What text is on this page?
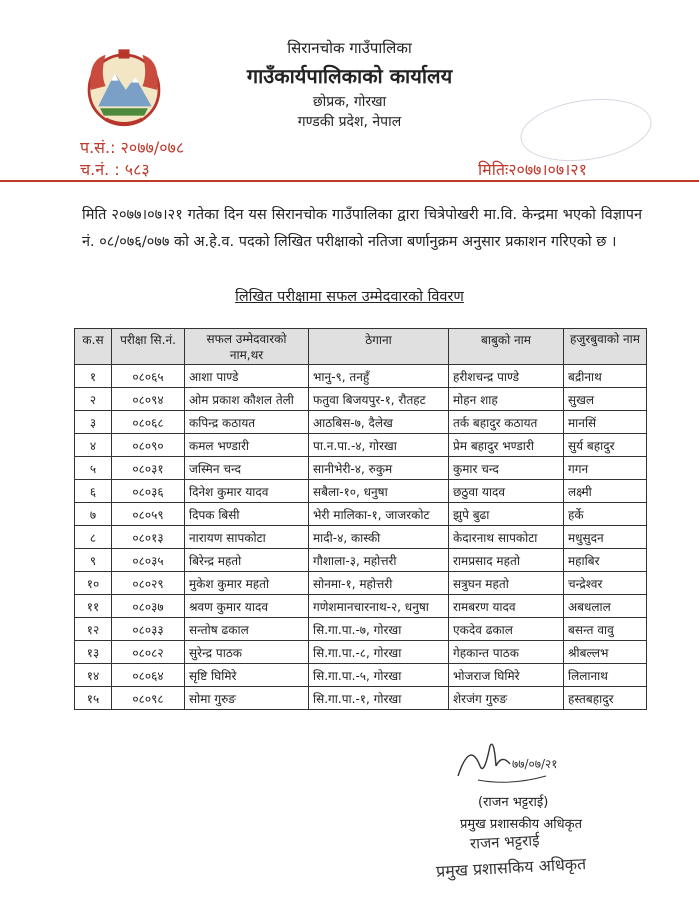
सिरानचोक गाउँपालिका
गाउँकार्यपालिकाको कार्यालय
छोप्रक, गोरखा
गण्डकी प्रदेश, नेपाल
प.सं.: २०७७/०७८
च.नं. : ५८३	मितिः२०७७।०७।२१
मिति २०७७।०७।२१ गतेका दिन यस सिरानचोक गाउँपालिका द्वारा चित्रेपोखरी मा.वि. केन्द्रमा भएको विज्ञापन नं. ०८/०७६/०७७ को अ.हे.व. पदको लिखित परीक्षाको नतिजा बर्णानुक्रम अनुसार प्रकाशन गरिएको छ ।
लिखित परीक्षामा सफल उम्मेदवारको विवरण
क.स	परीक्षा सि.नं.	सफल उम्मेदवारको नाम,थर	ठेगाना	बाबुको नाम	हजुरबुवाको नाम
१	०८०६५	आशा पाण्डे	भानु-९, तनहुँ	हरीशचन्द्र पाण्डे	बद्रीनाथ
२	०८०९४	ओम प्रकाश कौशल तेली	फतुवा बिजयपुर-१, रौतहट	मोहन शाह	सुखल
३	०८०६८	कपिन्द्र कठायत	आठबिस-७, दैलेख	तर्क बहादुर कठायत	मानसिं
४	०८०९०	कमल भण्डारी	पा.न.पा.-४, गोरखा	प्रेम बहादुर भण्डारी	सुर्य बहादुर
५	०८०३१	जस्मिन चन्द	सानीभेरी-४, रुकुम	कुमार चन्द	गगन
६	०८०३६	दिनेश कुमार यादव	सबैला-१०, धनुषा	छठुवा यादव	लक्ष्मी
७	०८०५९	दिपक बिसी	भेरी मालिका-१, जाजरकोट	झुपे बुढा	हर्के
८	०८०१३	नारायण सापकोटा	मादी-४, कास्की	केदारनाथ सापकोटा	मधुसुदन
९	०८०३५	बिरेन्द्र महतो	गौशाला-३, महोत्तरी	रामप्रसाद महतो	महाबिर
१०	०८०२९	मुकेश कुमार महतो	सोनमा-१, महोत्तरी	सत्रुघन महतो	चन्द्रेश्वर
११	०८०३७	श्रवण कुमार यादव	गणेशमानचारनाथ-२, धनुषा	रामबरण यादव	अबधलाल
१२	०८०३३	सन्तोष ढकाल	सि.गा.पा.-७, गोरखा	एकदेव ढकाल	बसन्त वावु
१३	०८०८२	सुरेन्द्र पाठक	सि.गा.पा.-८, गोरखा	गेहकान्त पाठक	श्रीबल्लभ
१४	०८०६४	सृष्टि घिमिरे	सि.गा.पा.-५, गोरखा	भोजराज घिमिरे	लिलानाथ
१५	०८०९८	सोमा गुरुङ	सि.गा.पा.-१, गोरखा	शेरजंग गुरुङ	हस्तबहादुर
७७/०७/२१
(राजन भट्टराई)
प्रमुख प्रशासकीय अधिकृत
राजन भट्टराई
प्रमुख प्रशासकिय अधिकृत
